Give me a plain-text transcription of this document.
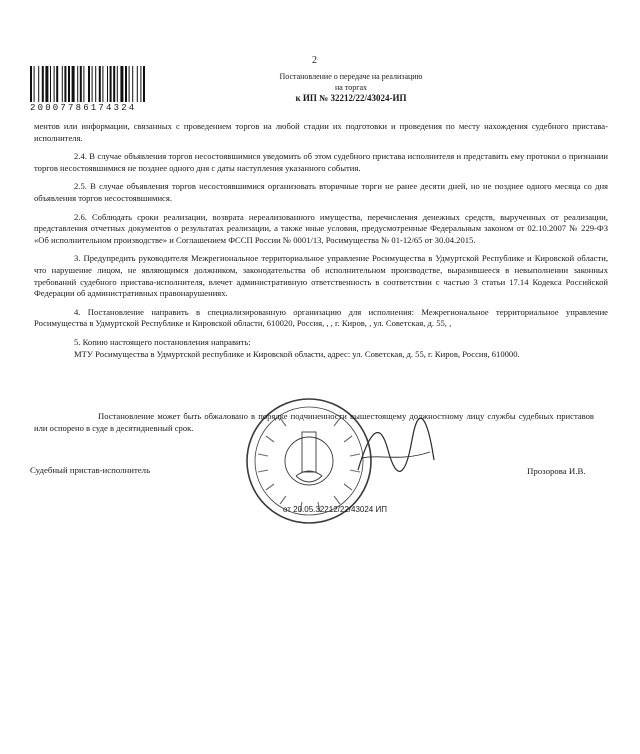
2
20007786174324
Постановление о передаче на реализацию
на торгах
к ИП № 32212/22/43024-ИП

ментов или информации, связанных с проведением торгов на любой стадии их подготовки и проведения по месту нахождения судебного пристава-исполнителя.

2.4. В случае объявления торгов несостоявшимися уведомить об этом судебного пристава исполнителя и представить ему протокол о признании торгов несостоявшимися не позднее одного дня с даты наступления указанного события.

2.5. В случае объявления торгов несостоявшимися организовать вторичные торги не ранее десяти дней, но не позднее одного месяца со дня объявления торгов несостоявшимися.

2.6. Соблюдать сроки реализации, возврата нереализованного имущества, перечисления денежных средств, вырученных от реализации, представления отчетных документов о результатах реализации, а также иные условия, предусмотренные Федеральным законом от 02.10.2007 № 229-ФЗ «Об исполнительном производстве» и Соглашением ФССП России № 0001/13, Росимущества № 01-12/65 от 30.04.2015.

3. Предупредить руководителя Межрегиональное территориальное управление Росимущества в Удмуртской Республике и Кировской области, что нарушение лицом, не являющимся должником, законодательства об исполнительном производстве, выразившееся в невыполнении законных требований судебного пристава-исполнителя, влечет административную ответственность в соответствии с частью 3 статьи 17.14 Кодекса Российской Федерации об административных правонарушениях.

4. Постановление направить в специализированную организацию для исполнения: Межрегиональное территориальное управление Росимущества в Удмуртской Республике и Кировской области, 610020, Россия, , , г. Киров, , ул. Советская, д. 55, ,

5. Копию настоящего постановления направить:

МТУ Росимущества в Удмуртской республике и Кировской области, адрес: ул. Советская, д. 55, г. Киров, Россия, 610000.

Постановление может быть обжаловано в порядке подчиненности вышестоящему должностному лицу службы судебных приставов или оспорено в суде в десятидневный срок.
Судебный пристав-исполнитель	Прозорова И.В.
от 20.05.32212/22/43024 ИП
